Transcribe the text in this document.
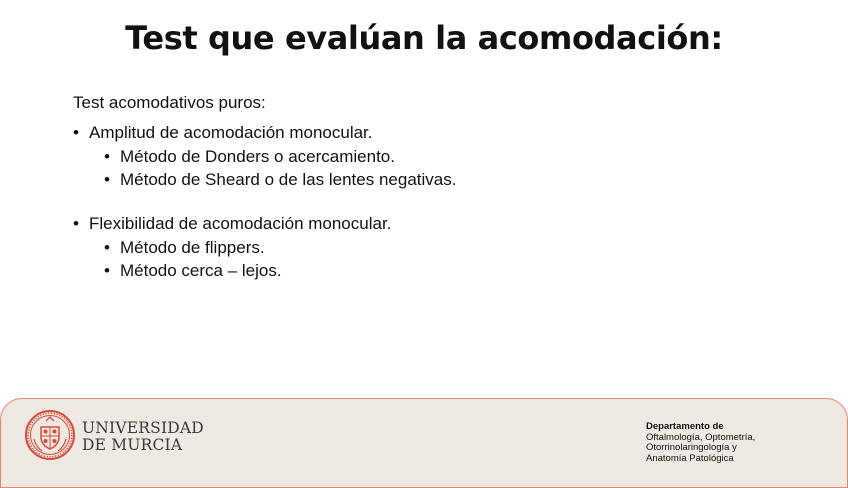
Test que evalúan la acomodación:

Test acomodativos puros:

• Amplitud de acomodación monocular.
• Método de Donders o acercamiento.
• Método de Sheard o de las lentes negativas.
• Flexibilidad de acomodación monocular.
• Método de flippers.
• Método cerca – lejos.
UNIVERSIDAD
DE MURCIA
Departamento de
Oftalmología, Optometría,
Otorrinolaringología y
Anatomía Patológica
